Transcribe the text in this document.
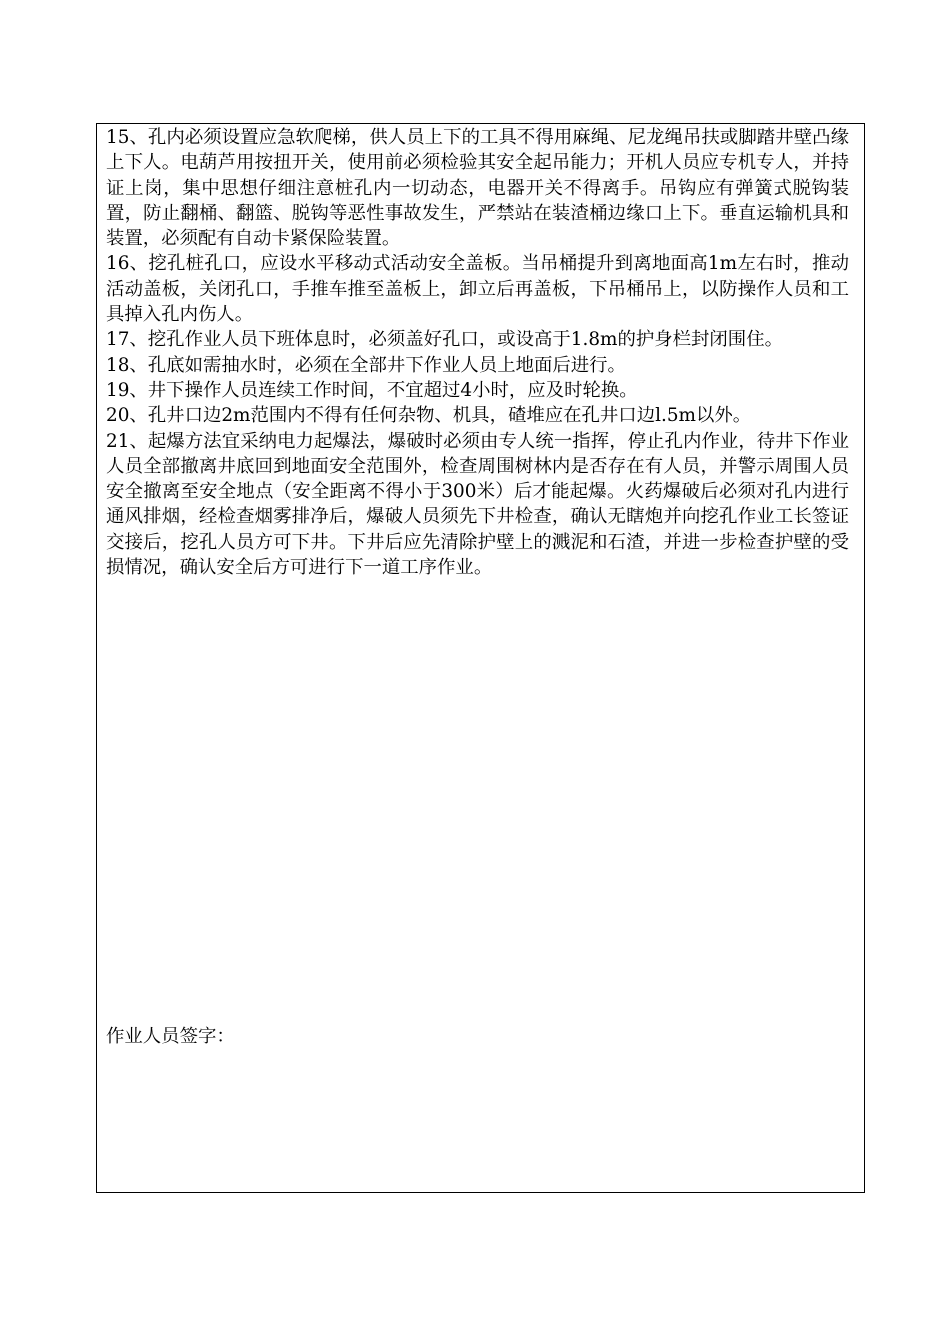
15、孔内必须设置应急软爬梯，供人员上下的工具不得用麻绳、尼龙绳吊扶或脚踏井壁凸缘上下人。电葫芦用按扭开关，使用前必须检验其安全起吊能力；开机人员应专机专人，并持证上岗，集中思想仔细注意桩孔内一切动态，电器开关不得离手。吊钩应有弹簧式脱钩装置，防止翻桶、翻篮、脱钩等恶性事故发生，严禁站在装渣桶边缘口上下。垂直运输机具和装置，必须配有自动卡紧保险装置。

16、挖孔桩孔口，应设水平移动式活动安全盖板。当吊桶提升到离地面高1m左右时，推动活动盖板，关闭孔口，手推车推至盖板上，卸立后再盖板，下吊桶吊上，以防操作人员和工具掉入孔内伤人。

17、挖孔作业人员下班体息时，必须盖好孔口，或设高于1.8m的护身栏封闭围住。

18、孔底如需抽水时，必须在全部井下作业人员上地面后进行。

19、井下操作人员连续工作时间，不宜超过4小时，应及时轮换。

20、孔井口边2m范围内不得有任何杂物、机具，碴堆应在孔井口边l.5m以外。

21、起爆方法宜采纳电力起爆法，爆破时必须由专人统一指挥，停止孔内作业，待井下作业人员全部撤离井底回到地面安全范围外，检查周围树林内是否存在有人员，并警示周围人员安全撤离至安全地点（安全距离不得小于300米）后才能起爆。火药爆破后必须对孔内进行通风排烟，经检查烟雾排净后，爆破人员须先下井检查，确认无瞎炮并向挖孔作业工长签证交接后，挖孔人员方可下井。下井后应先清除护壁上的溅泥和石渣，并进一步检查护壁的受损情况，确认安全后方可进行下一道工序作业。

作业人员签字：
